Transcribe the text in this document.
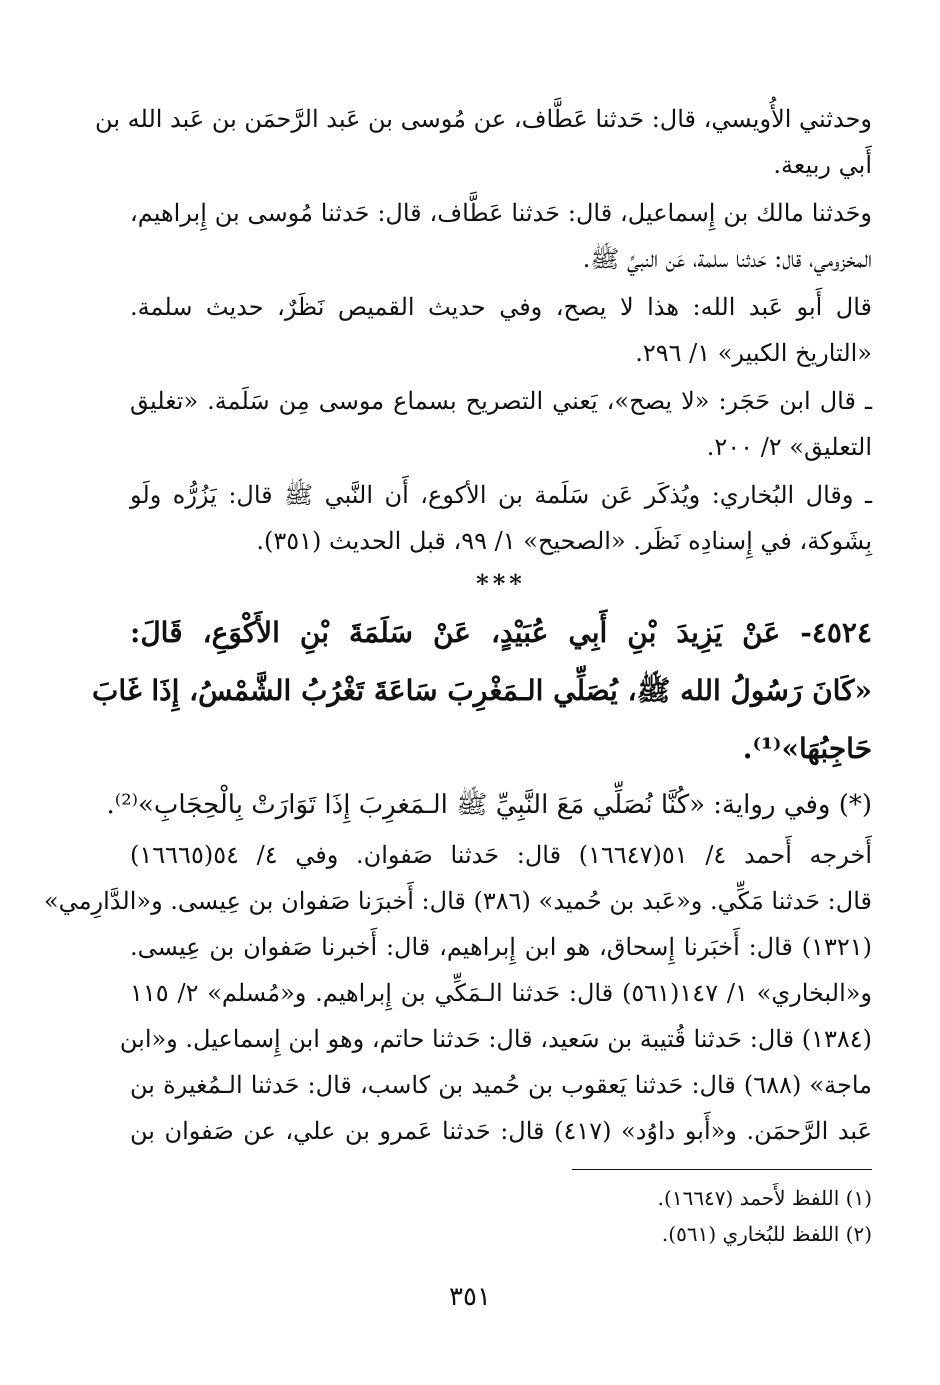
وحدثني الأُويسي، قال: حَدثنا عَطَّاف، عن مُوسى بن عَبد الرَّحمَن بن عَبد الله بن
أَبي ربيعة.
وحَدثنا مالك بن إِسماعيل، قال: حَدثنا عَطَّاف، قال: حَدثنا مُوسى بن إِبراهيم،
المخزومي، قال: حَدثنا سلمة، عَن النبيِّ ﷺ.
قال أَبو عَبد الله: هذا لا يصح، وفي حديث القميص نَظَرٌ، حديث سلمة.
«التاريخ الكبير» ١/ ٢٩٦.
ـ قال ابن حَجَر: «لا يصح»، يَعني التصريح بسماع موسى مِن سَلَمة. «تغليق
التعليق» ٢/ ٢٠٠.
ـ وقال البُخاري: ويُذكَر عَن سَلَمة بن الأكوع، أَن النَّبي ﷺ قال: يَزُرُّه ولَو
بِشَوكة، في إِسنادِه نَظَر. «الصحيح» ١/ ٩٩، قبل الحديث (٣٥١).
***
٤٥٢٤- عَنْ يَزِيدَ بْنِ أَبِي عُبَيْدٍ، عَنْ سَلَمَةَ بْنِ الأَكْوَعِ، قَالَ:
«كَانَ رَسُولُ الله ﷺ، يُصَلِّي الـمَغْرِبَ سَاعَةَ تَغْرُبُ الشَّمْسُ، إِذَا غَابَ
حَاجِبُهَا»⁽¹⁾.
(*) وفي رواية: «كُنَّا نُصَلِّي مَعَ النَّبِيِّ ﷺ الـمَغرِبَ إِذَا تَوَارَتْ بِالْحِجَابِ»⁽²⁾.
أَخرجه أَحمد ٤/ ٥١(١٦٦٤٧) قال: حَدثنا صَفوان. وفي ٤/ ٥٤(١٦٦٦٥)
قال: حَدثنا مَكِّي. و«عَبد بن حُميد» (٣٨٦) قال: أَخبرَنا صَفوان بن عِيسى. و«الدَّارِمي»
(١٣٢١) قال: أَخبَرنا إِسحاق، هو ابن إِبراهيم، قال: أَخبرنا صَفوان بن عِيسى.
و«البخاري» ١/ ١٤٧(٥٦١) قال: حَدثنا الـمَكِّي بن إِبراهيم. و«مُسلم» ٢/ ١١٥
(١٣٨٤) قال: حَدثنا قُتيبة بن سَعيد، قال: حَدثنا حاتم، وهو ابن إِسماعيل. و«ابن
ماجة» (٦٨٨) قال: حَدثنا يَعقوب بن حُميد بن كاسب، قال: حَدثنا الـمُغيرة بن
عَبد الرَّحمَن. و«أَبو داوُد» (٤١٧) قال: حَدثنا عَمرو بن علي، عن صَفوان بن
(١) اللفظ لأَحمد (١٦٦٤٧).
(٢) اللفظ للبُخاري (٥٦١).
٣٥١
